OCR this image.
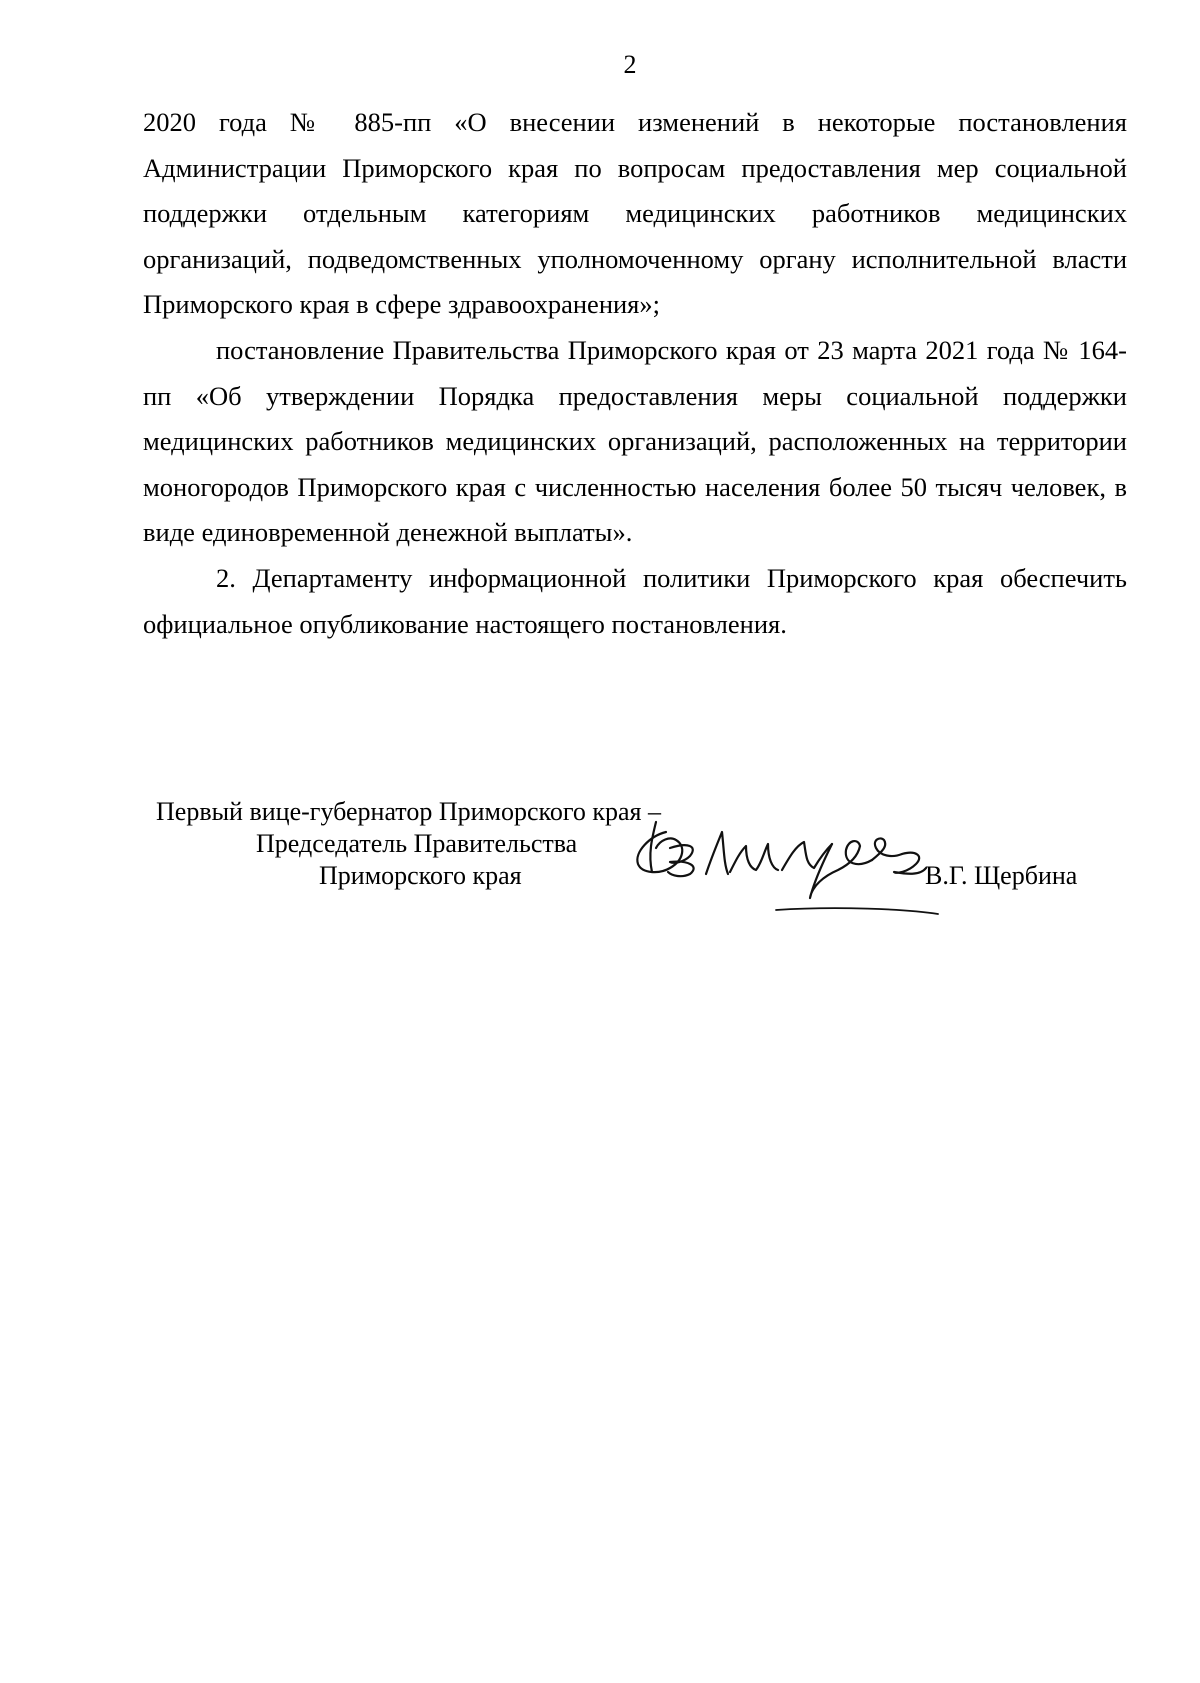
2

2020 года № 885-пп «О внесении изменений в некоторые постановления Администрации Приморского края по вопросам предоставления мер социальной поддержки отдельным категориям медицинских работников медицинских организаций, подведомственных уполномоченному органу исполнительной власти Приморского края в сфере здравоохранения»;

постановление Правительства Приморского края от 23 марта 2021 года № 164-пп «Об утверждении Порядка предоставления меры социальной поддержки медицинских работников медицинских организаций, расположенных на территории моногородов Приморского края с численностью населения более 50 тысяч человек, в виде единовременной денежной выплаты».

2. Департаменту информационной политики Приморского края обеспечить официальное опубликование настоящего постановления.

Первый вице-губернатор Приморского края –
Председатель Правительства
Приморского края	В.Г. Щербина
